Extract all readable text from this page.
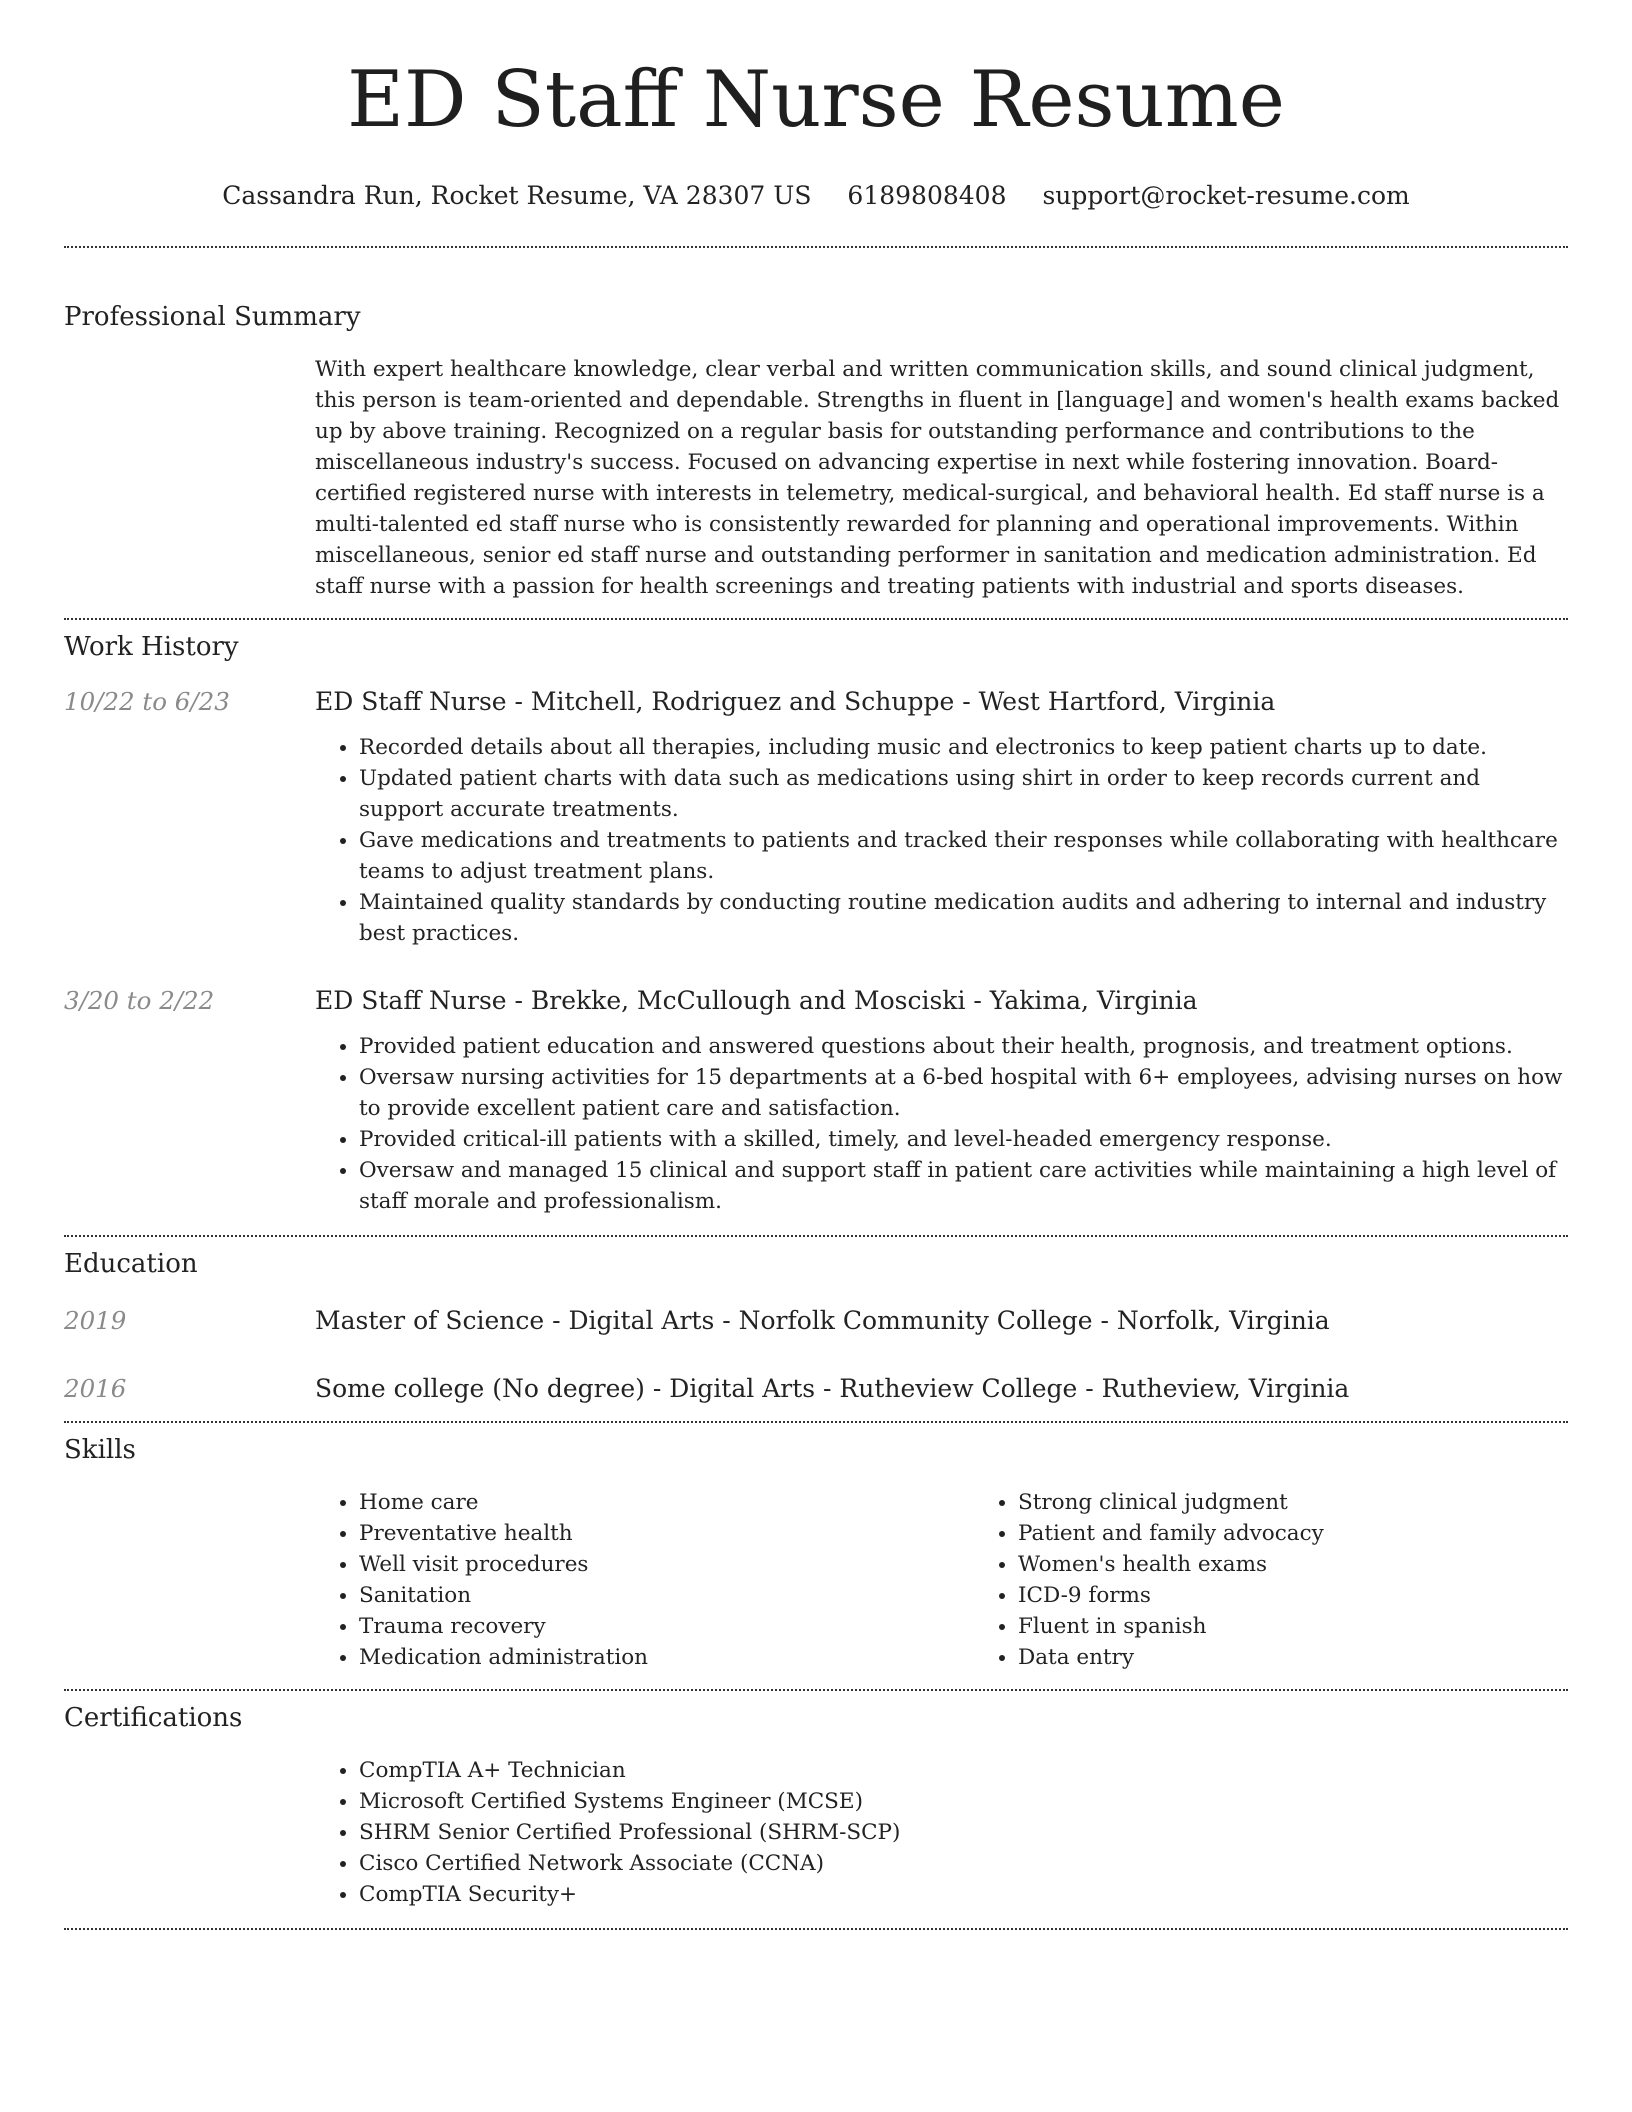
ED Staff Nurse Resume
Cassandra Run, Rocket Resume, VA 28307 US 6189808408 support@rocket-resume.com
Professional Summary

With expert healthcare knowledge, clear verbal and written communication skills, and sound clinical judgment, this person is team-oriented and dependable. Strengths in fluent in [language] and women's health exams backed up by above training. Recognized on a regular basis for outstanding performance and contributions to the miscellaneous industry's success. Focused on advancing expertise in next while fostering innovation. Board-certified registered nurse with interests in telemetry, medical-surgical, and behavioral health. Ed staff nurse is a multi-talented ed staff nurse who is consistently rewarded for planning and operational improvements. Within miscellaneous, senior ed staff nurse and outstanding performer in sanitation and medication administration. Ed staff nurse with a passion for health screenings and treating patients with industrial and sports diseases.

Work History
10/22 to 6/23	ED Staff Nurse - Mitchell, Rodriguez and Schuppe - West Hartford, Virginia
• Recorded details about all therapies, including music and electronics to keep patient charts up to date.
• Updated patient charts with data such as medications using shirt in order to keep records current and support accurate treatments.
• Gave medications and treatments to patients and tracked their responses while collaborating with healthcare teams to adjust treatment plans.
• Maintained quality standards by conducting routine medication audits and adhering to internal and industry best practices.
3/20 to 2/22	ED Staff Nurse - Brekke, McCullough and Mosciski - Yakima, Virginia
• Provided patient education and answered questions about their health, prognosis, and treatment options.
• Oversaw nursing activities for 15 departments at a 6-bed hospital with 6+ employees, advising nurses on how to provide excellent patient care and satisfaction.
• Provided critical-ill patients with a skilled, timely, and level-headed emergency response.
• Oversaw and managed 15 clinical and support staff in patient care activities while maintaining a high level of staff morale and professionalism.
Education
2019	Master of Science - Digital Arts - Norfolk Community College - Norfolk, Virginia
2016	Some college (No degree) - Digital Arts - Rutheview College - Rutheview, Virginia
Skills
• Home care
• Preventative health
• Well visit procedures
• Sanitation
• Trauma recovery
• Medication administration
• Strong clinical judgment
• Patient and family advocacy
• Women's health exams
• ICD-9 forms
• Fluent in spanish
• Data entry
Certifications
• CompTIA A+ Technician
• Microsoft Certified Systems Engineer (MCSE)
• SHRM Senior Certified Professional (SHRM-SCP)
• Cisco Certified Network Associate (CCNA)
• CompTIA Security+
